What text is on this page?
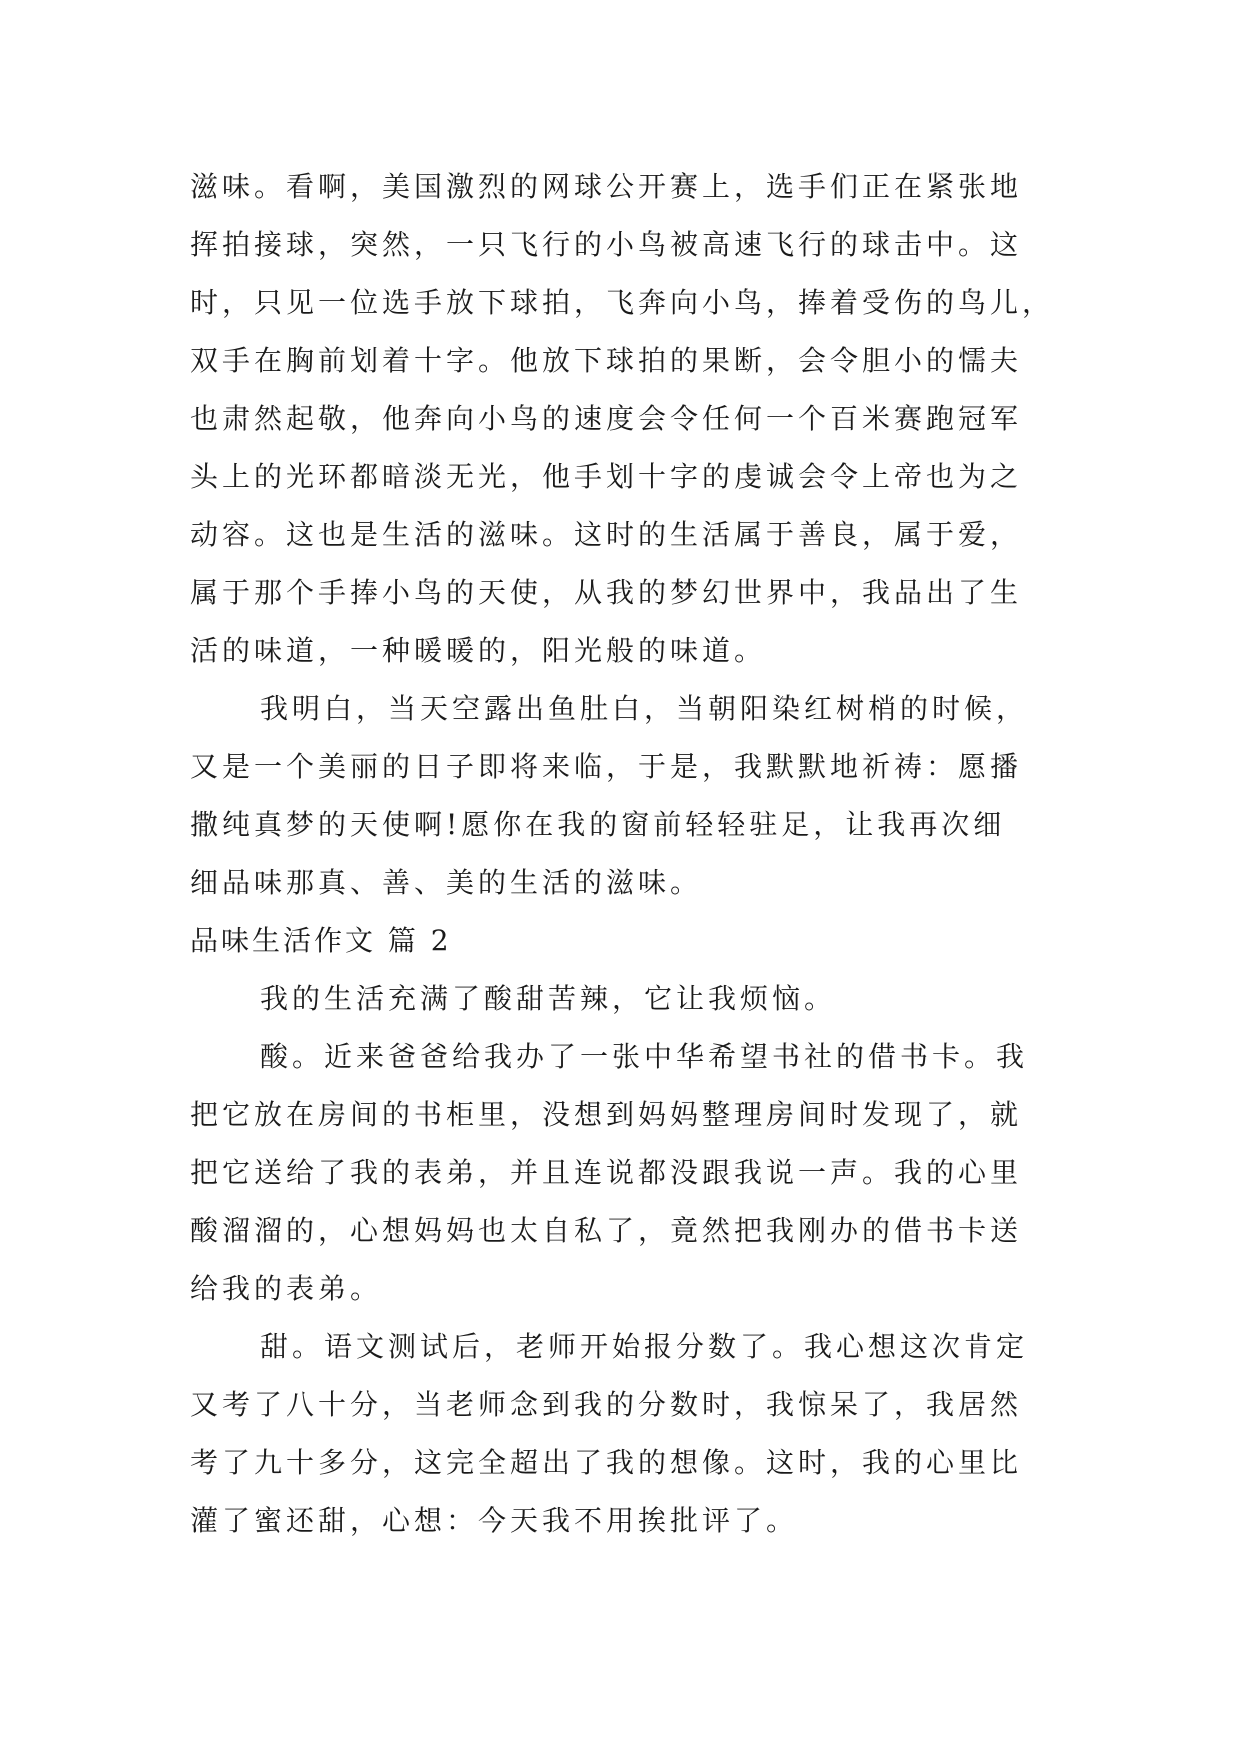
滋味。看啊，美国激烈的网球公开赛上，选手们正在紧张地
挥拍接球，突然，一只飞行的小鸟被高速飞行的球击中。这
时，只见一位选手放下球拍，飞奔向小鸟，捧着受伤的鸟儿，
双手在胸前划着十字。他放下球拍的果断，会令胆小的懦夫
也肃然起敬，他奔向小鸟的速度会令任何一个百米赛跑冠军
头上的光环都暗淡无光，他手划十字的虔诚会令上帝也为之
动容。这也是生活的滋味。这时的生活属于善良，属于爱，
属于那个手捧小鸟的天使，从我的梦幻世界中，我品出了生
活的味道，一种暖暖的，阳光般的味道。
我明白，当天空露出鱼肚白，当朝阳染红树梢的时候，
又是一个美丽的日子即将来临，于是，我默默地祈祷：愿播
撒纯真梦的天使啊!愿你在我的窗前轻轻驻足，让我再次细
细品味那真、善、美的生活的滋味。
品味生活作文 篇 2
我的生活充满了酸甜苦辣，它让我烦恼。
酸。近来爸爸给我办了一张中华希望书社的借书卡。我
把它放在房间的书柜里，没想到妈妈整理房间时发现了，就
把它送给了我的表弟，并且连说都没跟我说一声。我的心里
酸溜溜的，心想妈妈也太自私了，竟然把我刚办的借书卡送
给我的表弟。
甜。语文测试后，老师开始报分数了。我心想这次肯定
又考了八十分，当老师念到我的分数时，我惊呆了，我居然
考了九十多分，这完全超出了我的想像。这时，我的心里比
灌了蜜还甜，心想：今天我不用挨批评了。
